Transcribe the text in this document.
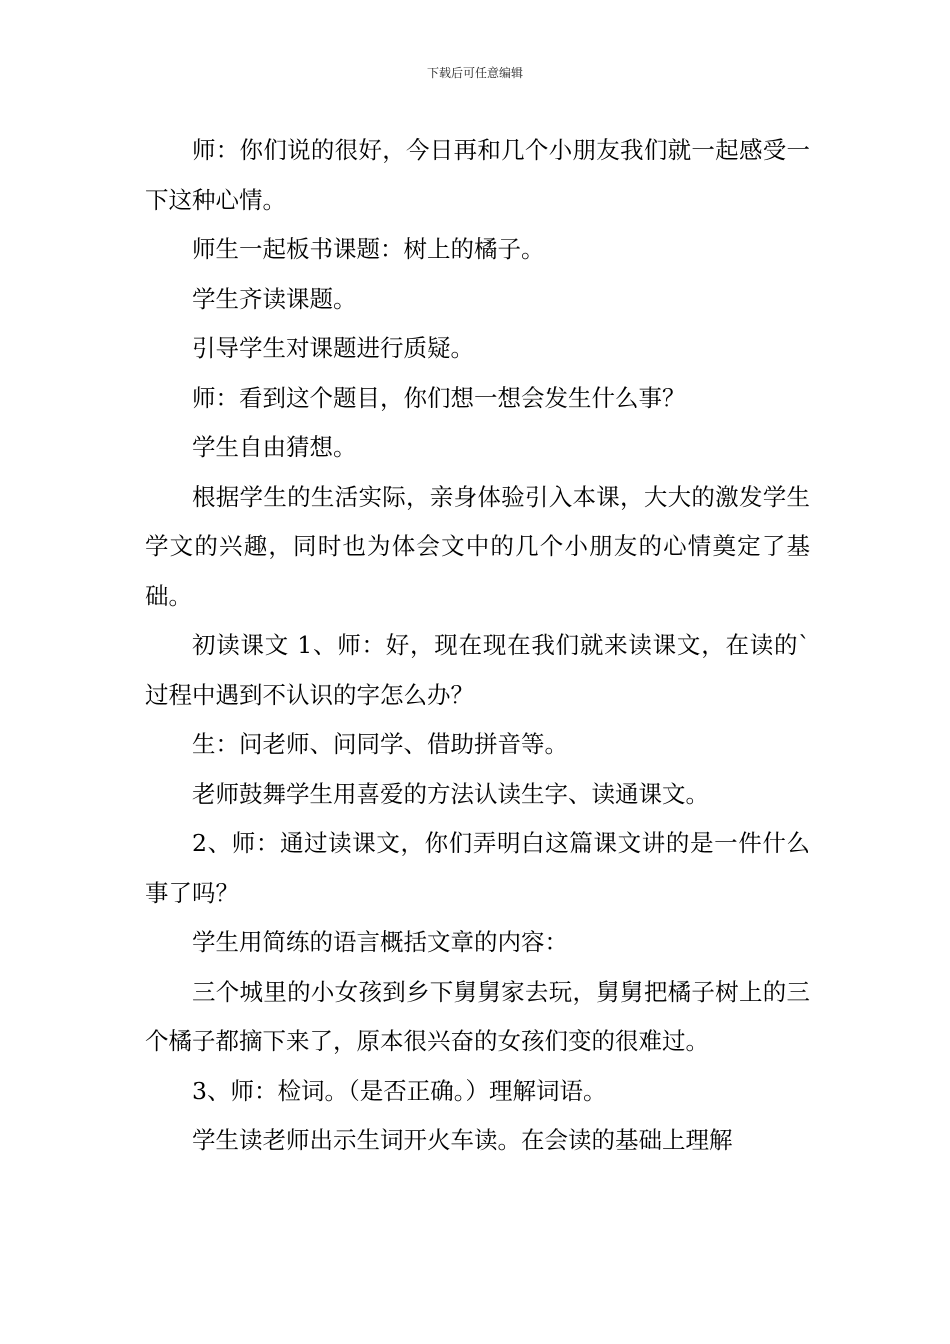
下载后可任意编辑

师：你们说的很好，今日再和几个小朋友我们就一起感受一下这种心情。

师生一起板书课题：树上的橘子。

学生齐读课题。

引导学生对课题进行质疑。

师：看到这个题目，你们想一想会发生什么事？

学生自由猜想。

根据学生的生活实际，亲身体验引入本课，大大的激发学生学文的兴趣，同时也为体会文中的几个小朋友的心情奠定了基础。

初读课文 1、师：好，现在现在我们就来读课文，在读的`过程中遇到不认识的字怎么办？

生：问老师、问同学、借助拼音等。

老师鼓舞学生用喜爱的方法认读生字、读通课文。

2、师：通过读课文，你们弄明白这篇课文讲的是一件什么事了吗？

学生用简练的语言概括文章的内容：

三个城里的小女孩到乡下舅舅家去玩，舅舅把橘子树上的三个橘子都摘下来了，原本很兴奋的女孩们变的很难过。

3、师：检词。（是否正确。）理解词语。

学生读老师出示生词开火车读。在会读的基础上理解
